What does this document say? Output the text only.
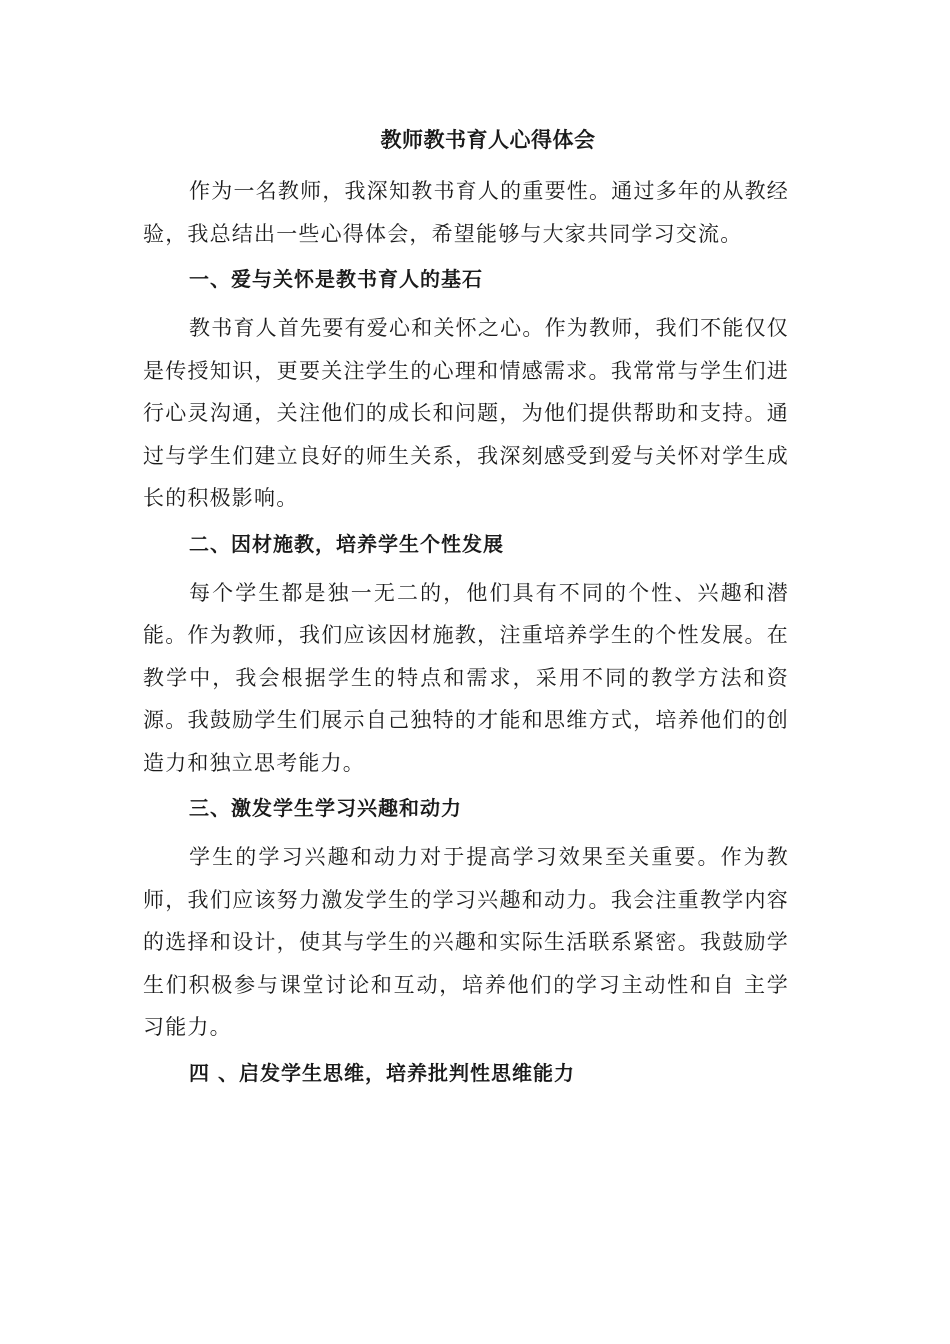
教师教书育人心得体会

作为一名教师，我深知教书育人的重要性。通过多年的从教经验，我总结出一些心得体会，希望能够与大家共同学习交流。

一、爱与关怀是教书育人的基石

教书育人首先要有爱心和关怀之心。作为教师，我们不能仅仅是传授知识，更要关注学生的心理和情感需求。我常常与学生们进行心灵沟通，关注他们的成长和问题，为他们提供帮助和支持。通过与学生们建立良好的师生关系，我深刻感受到爱与关怀对学生成长的积极影响。

二、因材施教，培养学生个性发展

每个学生都是独一无二的，他们具有不同的个性、兴趣和潜能。作为教师，我们应该因材施教，注重培养学生的个性发展。在教学中，我会根据学生的特点和需求，采用不同的教学方法和资源。我鼓励学生们展示自己独特的才能和思维方式，培养他们的创造力和独立思考能力。

三、激发学生学习兴趣和动力

学生的学习兴趣和动力对于提高学习效果至关重要。作为教师，我们应该努力激发学生的学习兴趣和动力。我会注重教学内容的选择和设计，使其与学生的兴趣和实际生活联系紧密。我鼓励学生们积极参与课堂讨论和互动，培养他们的学习主动性和自 主学习能力。

四 、启发学生思维，培养批判性思维能力
